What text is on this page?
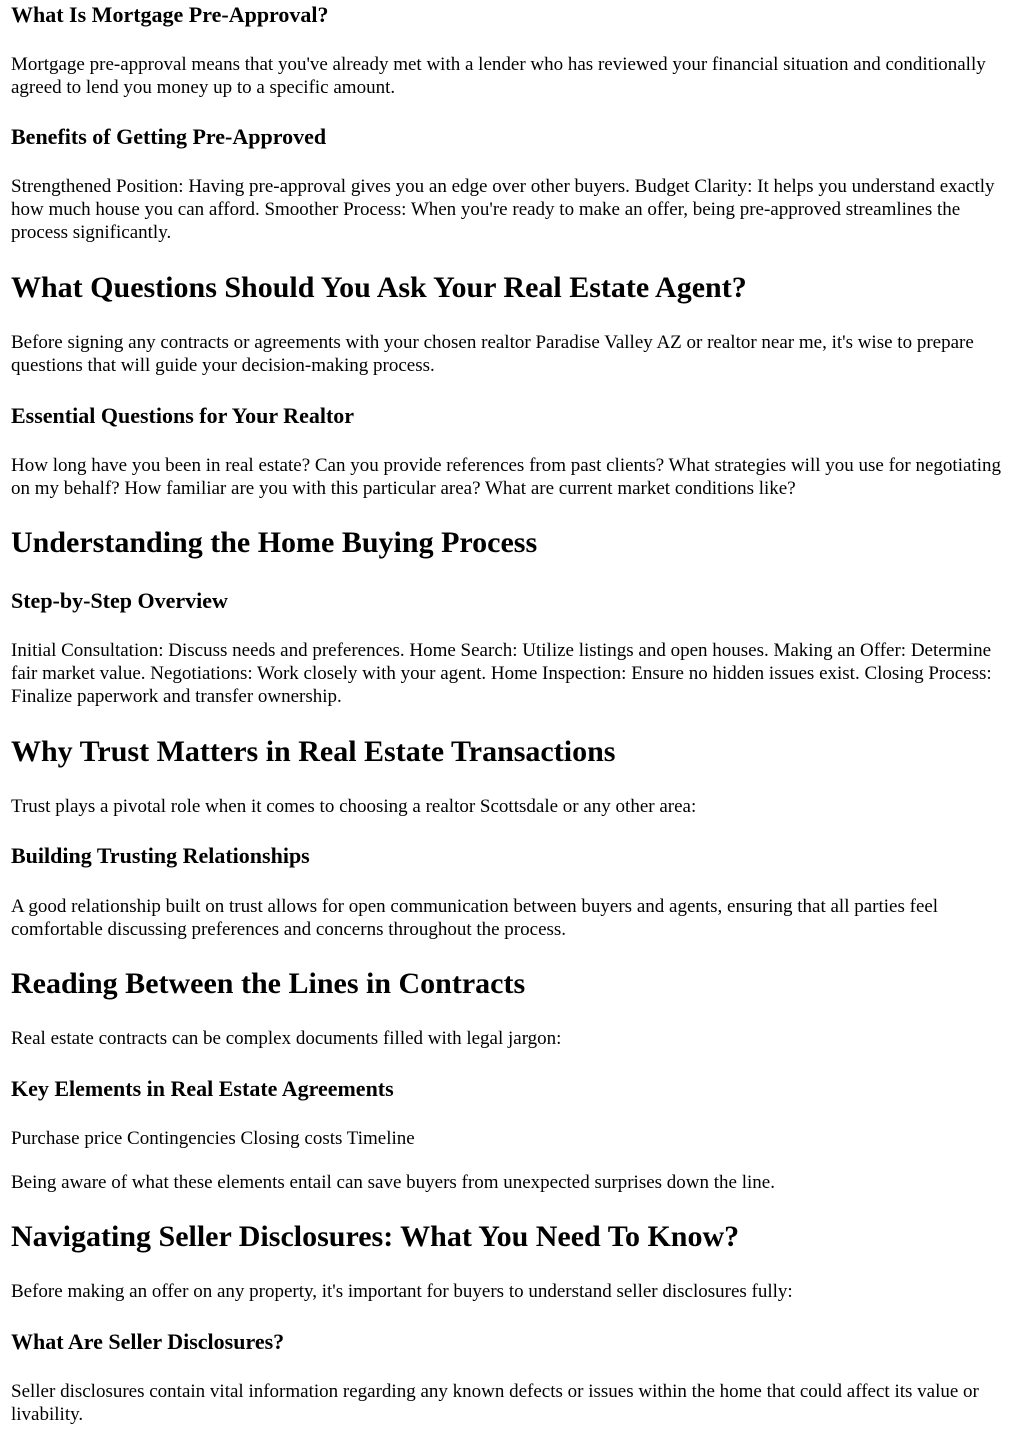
What Is Mortgage Pre-Approval?

Mortgage pre-approval means that you've already met with a lender who has reviewed your financial situation and conditionally agreed to lend you money up to a specific amount.

Benefits of Getting Pre-Approved

Strengthened Position: Having pre-approval gives you an edge over other buyers. Budget Clarity: It helps you understand exactly how much house you can afford. Smoother Process: When you're ready to make an offer, being pre-approved streamlines the process significantly.

What Questions Should You Ask Your Real Estate Agent?

Before signing any contracts or agreements with your chosen realtor Paradise Valley AZ or realtor near me, it's wise to prepare questions that will guide your decision-making process.

Essential Questions for Your Realtor

How long have you been in real estate? Can you provide references from past clients? What strategies will you use for negotiating on my behalf? How familiar are you with this particular area? What are current market conditions like?

Understanding the Home Buying Process
Step-by-Step Overview

Initial Consultation: Discuss needs and preferences. Home Search: Utilize listings and open houses. Making an Offer: Determine fair market value. Negotiations: Work closely with your agent. Home Inspection: Ensure no hidden issues exist. Closing Process: Finalize paperwork and transfer ownership.

Why Trust Matters in Real Estate Transactions

Trust plays a pivotal role when it comes to choosing a realtor Scottsdale or any other area:

Building Trusting Relationships

A good relationship built on trust allows for open communication between buyers and agents, ensuring that all parties feel comfortable discussing preferences and concerns throughout the process.

Reading Between the Lines in Contracts

Real estate contracts can be complex documents filled with legal jargon:

Key Elements in Real Estate Agreements

Purchase price Contingencies Closing costs Timeline

Being aware of what these elements entail can save buyers from unexpected surprises down the line.

Navigating Seller Disclosures: What You Need To Know?

Before making an offer on any property, it's important for buyers to understand seller disclosures fully:

What Are Seller Disclosures?

Seller disclosures contain vital information regarding any known defects or issues within the home that could affect its value or livability.
